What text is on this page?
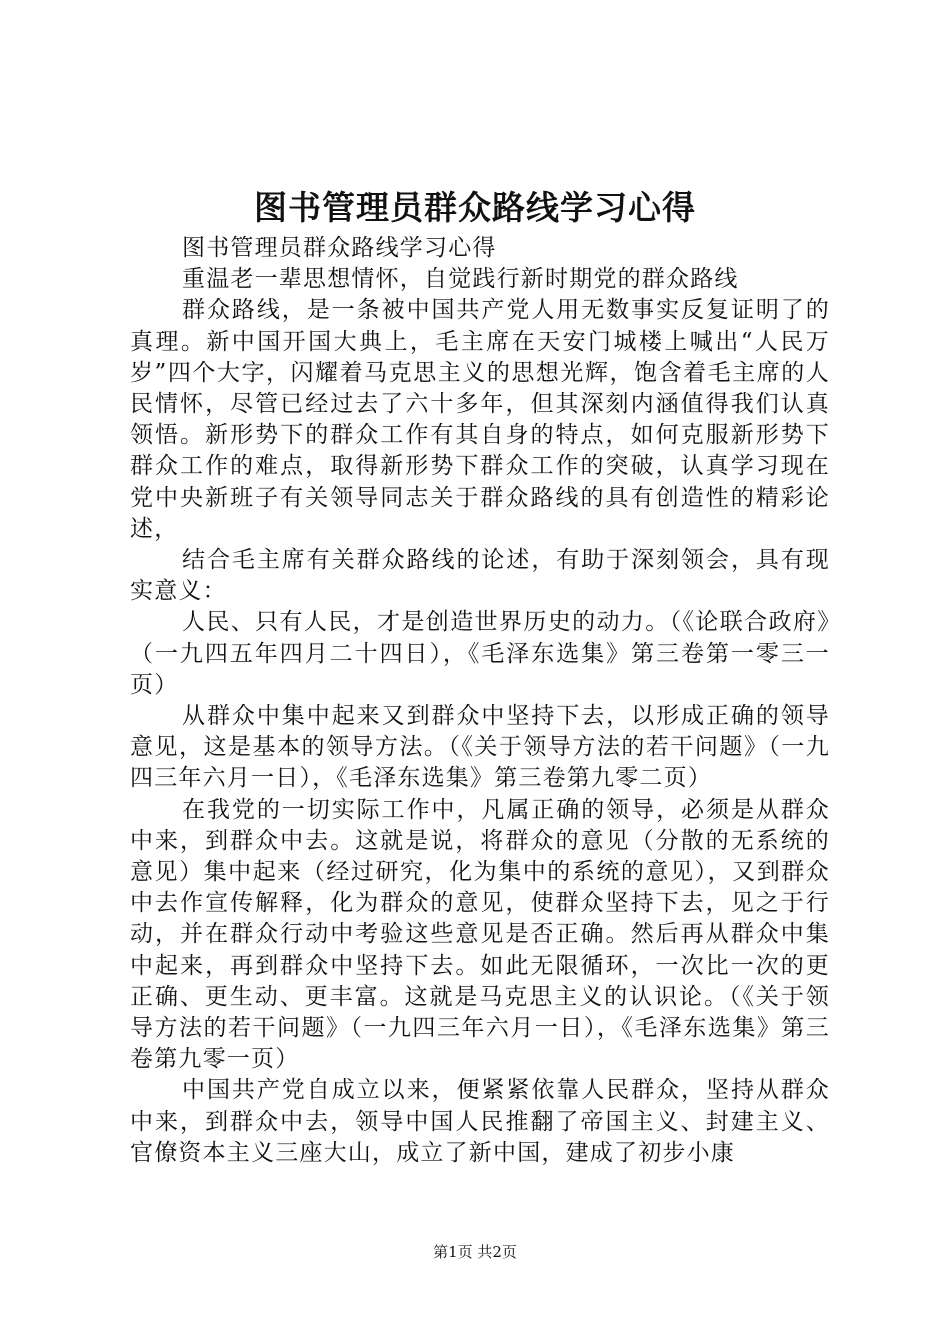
图书管理员群众路线学习心得

图书管理员群众路线学习心得

重温老一辈思想情怀，自觉践行新时期党的群众路线

群众路线，是一条被中国共产党人用无数事实反复证明了的真理。新中国开国大典上，毛主席在天安门城楼上喊出“人民万岁”四个大字，闪耀着马克思主义的思想光辉，饱含着毛主席的人民情怀，尽管已经过去了六十多年，但其深刻内涵值得我们认真领悟。新形势下的群众工作有其自身的特点，如何克服新形势下群众工作的难点，取得新形势下群众工作的突破，认真学习现在党中央新班子有关领导同志关于群众路线的具有创造性的精彩论述，

结合毛主席有关群众路线的论述，有助于深刻领会，具有现实意义：

人民、只有人民，才是创造世界历史的动力。（《论联合政府》（一九四五年四月二十四日），《毛泽东选集》第三卷第一零三一页）

从群众中集中起来又到群众中坚持下去，以形成正确的领导意见，这是基本的领导方法。（《关于领导方法的若干问题》（一九四三年六月一日），《毛泽东选集》第三卷第九零二页）

在我党的一切实际工作中，凡属正确的领导，必须是从群众中来，到群众中去。这就是说，将群众的意见（分散的无系统的意见）集中起来（经过研究，化为集中的系统的意见），又到群众中去作宣传解释，化为群众的意见，使群众坚持下去，见之于行动，并在群众行动中考验这些意见是否正确。然后再从群众中集中起来，再到群众中坚持下去。如此无限循环，一次比一次的更正确、更生动、更丰富。这就是马克思主义的认识论。（《关于领导方法的若干问题》（一九四三年六月一日），《毛泽东选集》第三卷第九零一页）

中国共产党自成立以来，便紧紧依靠人民群众，坚持从群众中来，到群众中去，领导中国人民推翻了帝国主义、封建主义、官僚资本主义三座大山，成立了新中国，建成了初步小康

第1页 共2页
